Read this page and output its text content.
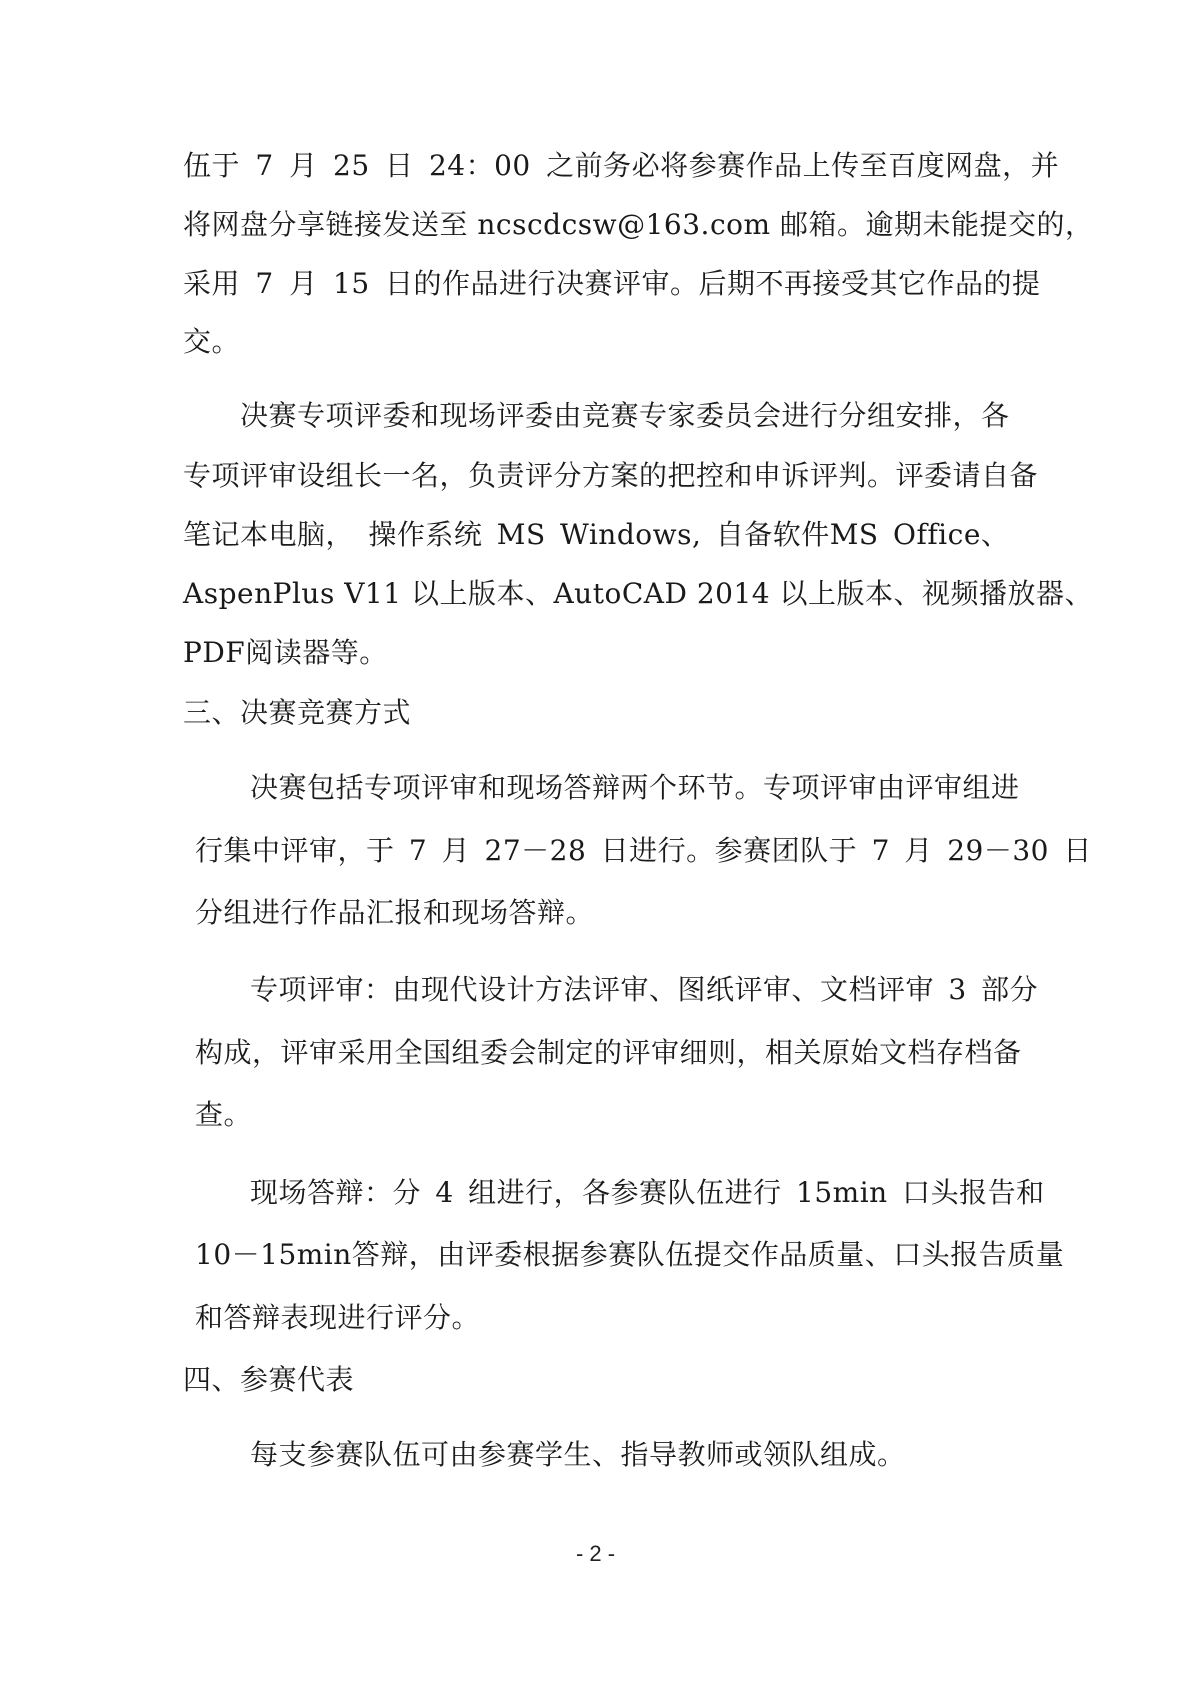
伍于 7 月 25 日 24：00 之前务必将参赛作品上传至百度网盘，并
将网盘分享链接发送至 ncscdcsw@163.com 邮箱。逾期未能提交的，
采用 7 月 15 日的作品进行决赛评审。后期不再接受其它作品的提
交。
决赛专项评委和现场评委由竞赛专家委员会进行分组安排，各
专项评审设组长一名，负责评分方案的把控和申诉评判。评委请自备
笔记本电脑， 操作系统 MS Windows, 自备软件MS Office、
AspenPlus V11 以上版本、AutoCAD 2014 以上版本、视频播放器、
PDF阅读器等。
三、决赛竞赛方式
决赛包括专项评审和现场答辩两个环节。专项评审由评审组进
行集中评审，于 7 月 27－28 日进行。参赛团队于 7 月 29－30 日
分组进行作品汇报和现场答辩。
专项评审：由现代设计方法评审、图纸评审、文档评审 3 部分
构成，评审采用全国组委会制定的评审细则，相关原始文档存档备
查。
现场答辩：分 4 组进行，各参赛队伍进行 15min 口头报告和
10－15min答辩，由评委根据参赛队伍提交作品质量、口头报告质量
和答辩表现进行评分。
四、参赛代表
每支参赛队伍可由参赛学生、指导教师或领队组成。
- 2 -
